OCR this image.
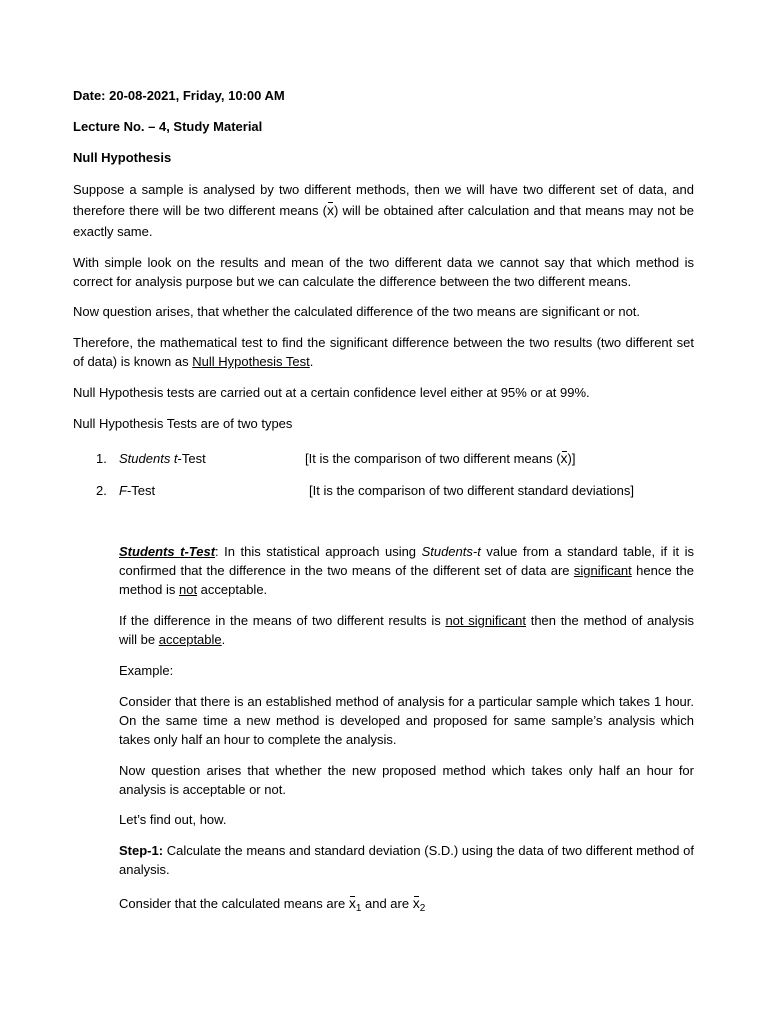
Date: 20-08-2021, Friday, 10:00 AM
Lecture No. – 4, Study Material
Null Hypothesis
Suppose a sample is analysed by two different methods, then we will have two different set of data, and therefore there will be two different means (x) will be obtained after calculation and that means may not be exactly same.
With simple look on the results and mean of the two different data we cannot say that which method is correct for analysis purpose but we can calculate the difference between the two different means.
Now question arises, that whether the calculated difference of the two means are significant or not.
Therefore, the mathematical test to find the significant difference between the two results (two different set of data) is known as Null Hypothesis Test.
Null Hypothesis tests are carried out at a certain confidence level either at 95% or at 99%.
Null Hypothesis Tests are of two types
1. Students t-Test	[It is the comparison of two different means (x)]
2. F-Test	[It is the comparison of two different standard deviations]
Students t-Test: In this statistical approach using Students-t value from a standard table, if it is confirmed that the difference in the two means of the different set of data are significant hence the method is not acceptable.
If the difference in the means of two different results is not significant then the method of analysis will be acceptable.
Example:
Consider that there is an established method of analysis for a particular sample which takes 1 hour. On the same time a new method is developed and proposed for same sample’s analysis which takes only half an hour to complete the analysis.
Now question arises that whether the new proposed method which takes only half an hour for analysis is acceptable or not.
Let’s find out, how.
Step-1: Calculate the means and standard deviation (S.D.) using the data of two different method of analysis.
Consider that the calculated means are $x_1$ and are $x_2$
